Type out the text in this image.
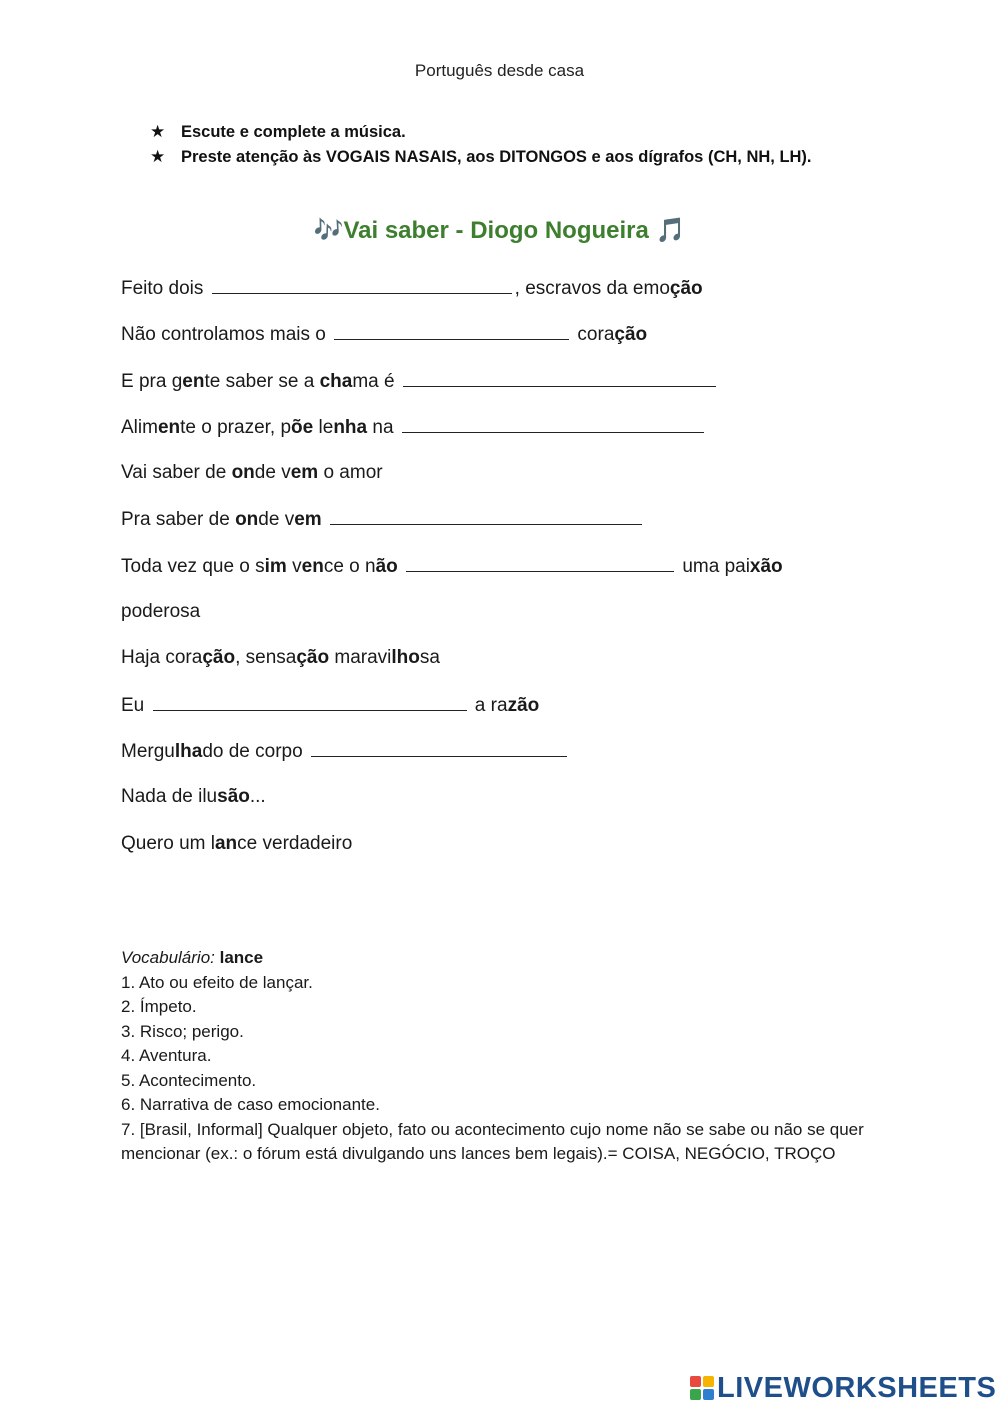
Português desde casa
★ Escute e complete a música.
★ Preste atenção às VOGAIS NASAIS, aos DITONGOS e aos dígrafos (CH, NH, LH).
🎶Vai saber - Diogo Nogueira 🎵
Feito dois	, escravos da emoção
Não controlamos mais o	coração
E pra gente saber se a chama é
Alimente o prazer, põe lenha na
Vai saber de onde vem o amor
Pra saber de onde vem
Toda vez que o sim vence o não	uma paixão
poderosa
Haja coração, sensação maravilhosa
Eu	a razão
Mergulhado de corpo
Nada de ilusão...
Quero um lance verdadeiro
Vocabulário: lance
1. Ato ou efeito de lançar.
2. Ímpeto.
3. Risco; perigo.
4. Aventura.
5. Acontecimento.
6. Narrativa de caso emocionante.
7. [Brasil, Informal] Qualquer objeto, fato ou acontecimento cujo nome não se sabe ou não se quer mencionar (ex.: o fórum está divulgando uns lances bem legais).= COISA, NEGÓCIO, TROÇO
LIVEWORKSHEETS
